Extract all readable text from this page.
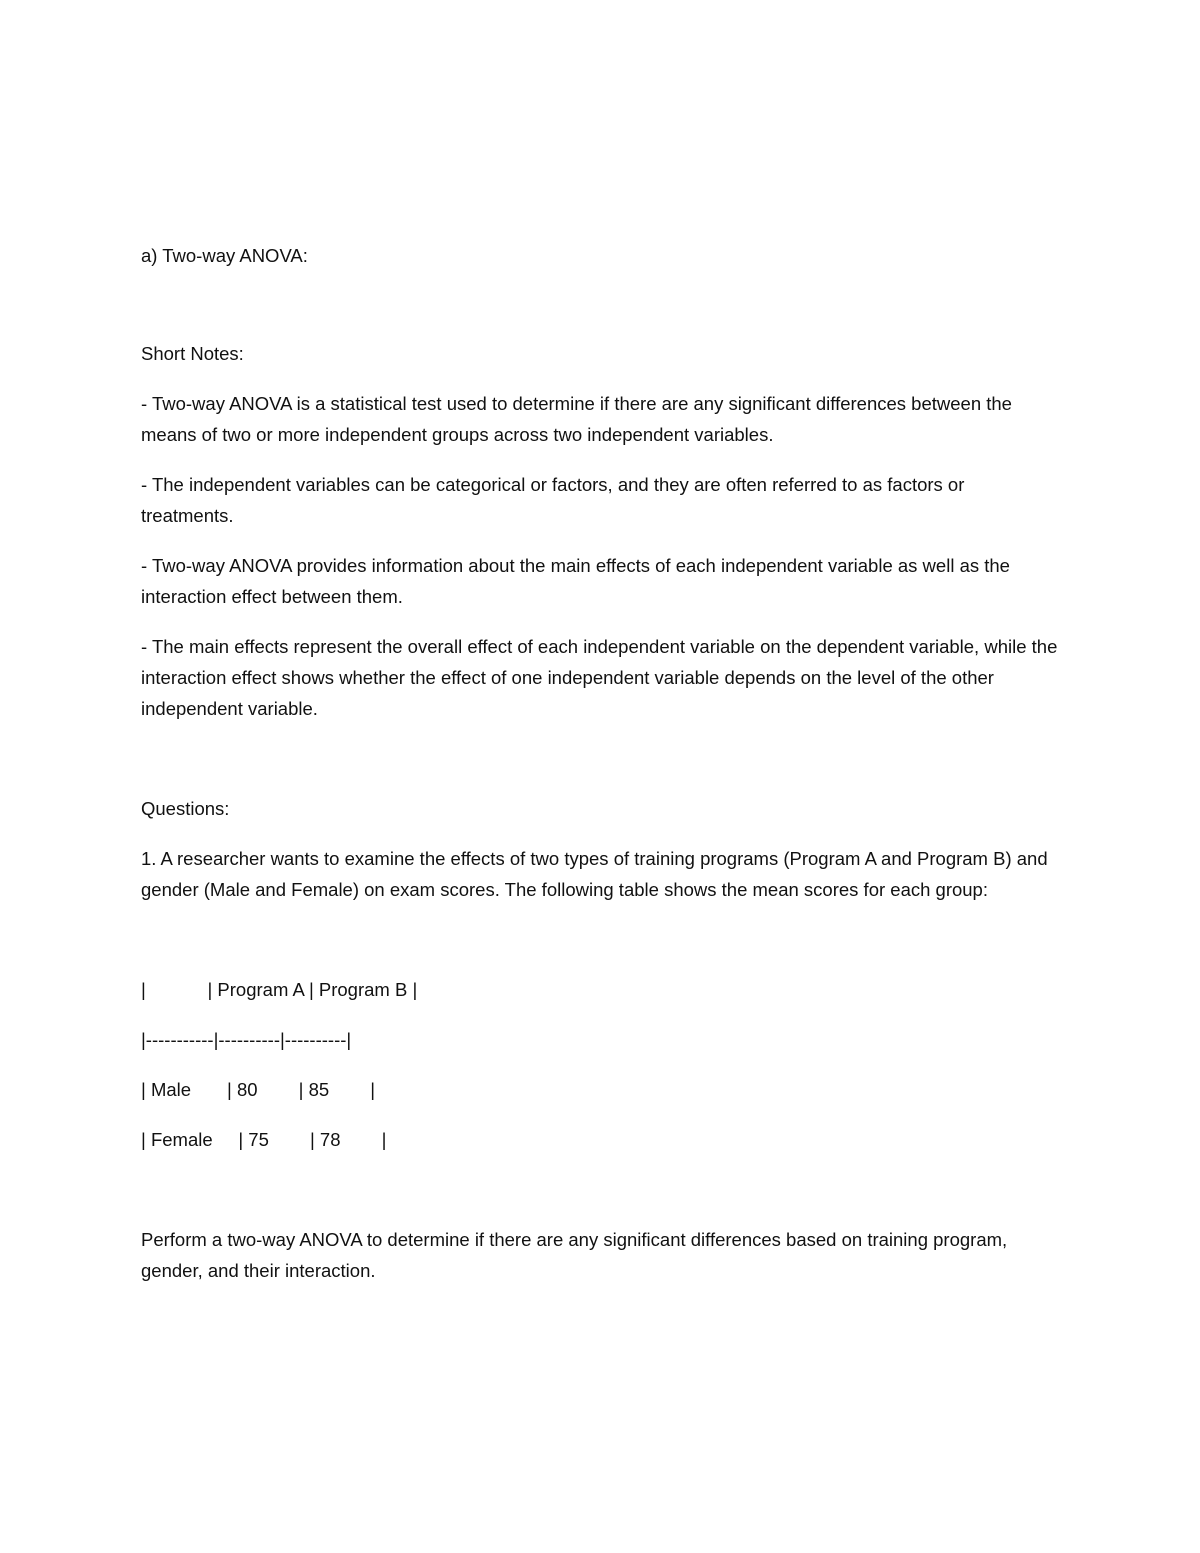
a) Two-way ANOVA:

Short Notes:

- Two-way ANOVA is a statistical test used to determine if there are any significant differences between the means of two or more independent groups across two independent variables.

- The independent variables can be categorical or factors, and they are often referred to as factors or treatments.

- Two-way ANOVA provides information about the main effects of each independent variable as well as the interaction effect between them.

- The main effects represent the overall effect of each independent variable on the dependent variable, while the interaction effect shows whether the effect of one independent variable depends on the level of the other independent variable.

Questions:

1. A researcher wants to examine the effects of two types of training programs (Program A and Program B) and gender (Male and Female) on exam scores. The following table shows the mean scores for each group:

|            | Program A | Program B |

|-----------|----------|----------|

| Male       | 80        | 85        |

| Female     | 75        | 78        |

Perform a two-way ANOVA to determine if there are any significant differences based on training program, gender, and their interaction.
